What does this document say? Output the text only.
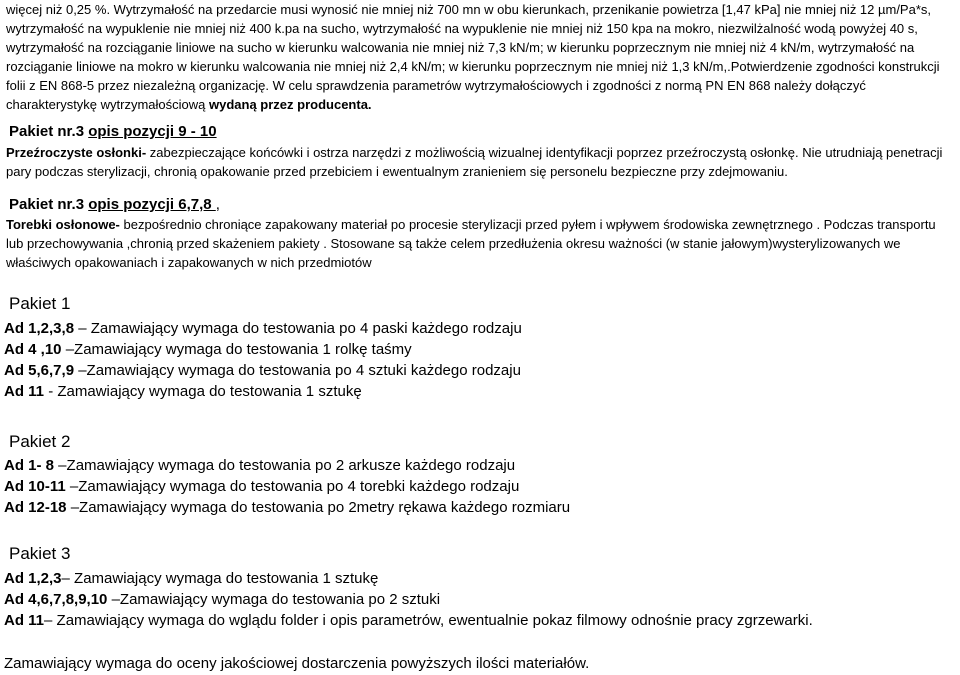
więcej niż 0,25 %. Wytrzymałość na przedarcie musi wynosić nie mniej niż 700 mn w obu kierunkach, przenikanie powietrza [1,47 kPa] nie mniej niż 12 µm/Pa*s, wytrzymałość na wypuklenie nie mniej niż 400 k.pa na sucho, wytrzymałość na wypuklenie nie mniej niż 150 kpa na mokro, niezwilżalność wodą powyżej 40 s, wytrzymałość na rozciąganie liniowe na sucho w kierunku walcowania nie mniej niż 7,3 kN/m; w kierunku poprzecznym nie mniej niż 4 kN/m, wytrzymałość na rozciąganie liniowe na mokro w kierunku walcowania nie mniej niż 2,4 kN/m; w kierunku poprzecznym nie mniej niż 1,3 kN/m,.Potwierdzenie zgodności konstrukcji folii z EN 868-5 przez niezależną organizację. W celu sprawdzenia parametrów wytrzymałościowych i zgodności z normą PN EN 868 należy dołączyć charakterystykę wytrzymałościową wydaną przez producenta.

Pakiet nr.3 opis pozycji 9 - 10

Przeźroczyste osłonki- zabezpieczające końcówki i ostrza narzędzi z możliwością wizualnej identyfikacji poprzez przeźroczystą osłonkę. Nie utrudniają penetracji pary podczas sterylizacji, chronią opakowanie przed przebiciem i ewentualnym zranieniem się personelu bezpieczne przy zdejmowaniu.

Pakiet nr.3 opis pozycji 6,7,8 ,

Torebki osłonowe- bezpośrednio chroniące zapakowany materiał po procesie sterylizacji przed pyłem i wpływem środowiska zewnętrznego . Podczas transportu lub przechowywania ,chronią przed skażeniem pakiety . Stosowane są także celem przedłużenia okresu ważności (w stanie jałowym)wysterylizowanych we właściwych opakowaniach i zapakowanych w nich przedmiotów

Pakiet 1
Ad 1,2,3,8 – Zamawiający wymaga do testowania po 4 paski każdego rodzaju
Ad 4 ,10 –Zamawiający wymaga do testowania 1 rolkę taśmy
Ad 5,6,7,9 –Zamawiający wymaga do testowania po 4 sztuki każdego rodzaju
Ad 11 - Zamawiający wymaga do testowania 1 sztukę
Pakiet 2
Ad 1- 8 –Zamawiający wymaga do testowania po 2 arkusze każdego rodzaju
Ad 10-11 –Zamawiający wymaga do testowania po 4 torebki każdego rodzaju
Ad 12-18 –Zamawiający wymaga do testowania po 2metry rękawa każdego rozmiaru
Pakiet 3
Ad 1,2,3– Zamawiający wymaga do testowania 1 sztukę
Ad 4,6,7,8,9,10 –Zamawiający wymaga do testowania po 2 sztuki
Ad 11– Zamawiający wymaga do wglądu folder i opis parametrów, ewentualnie pokaz filmowy odnośnie pracy zgrzewarki.

Zamawiający wymaga do oceny jakościowej dostarczenia powyższych ilości materiałów.
